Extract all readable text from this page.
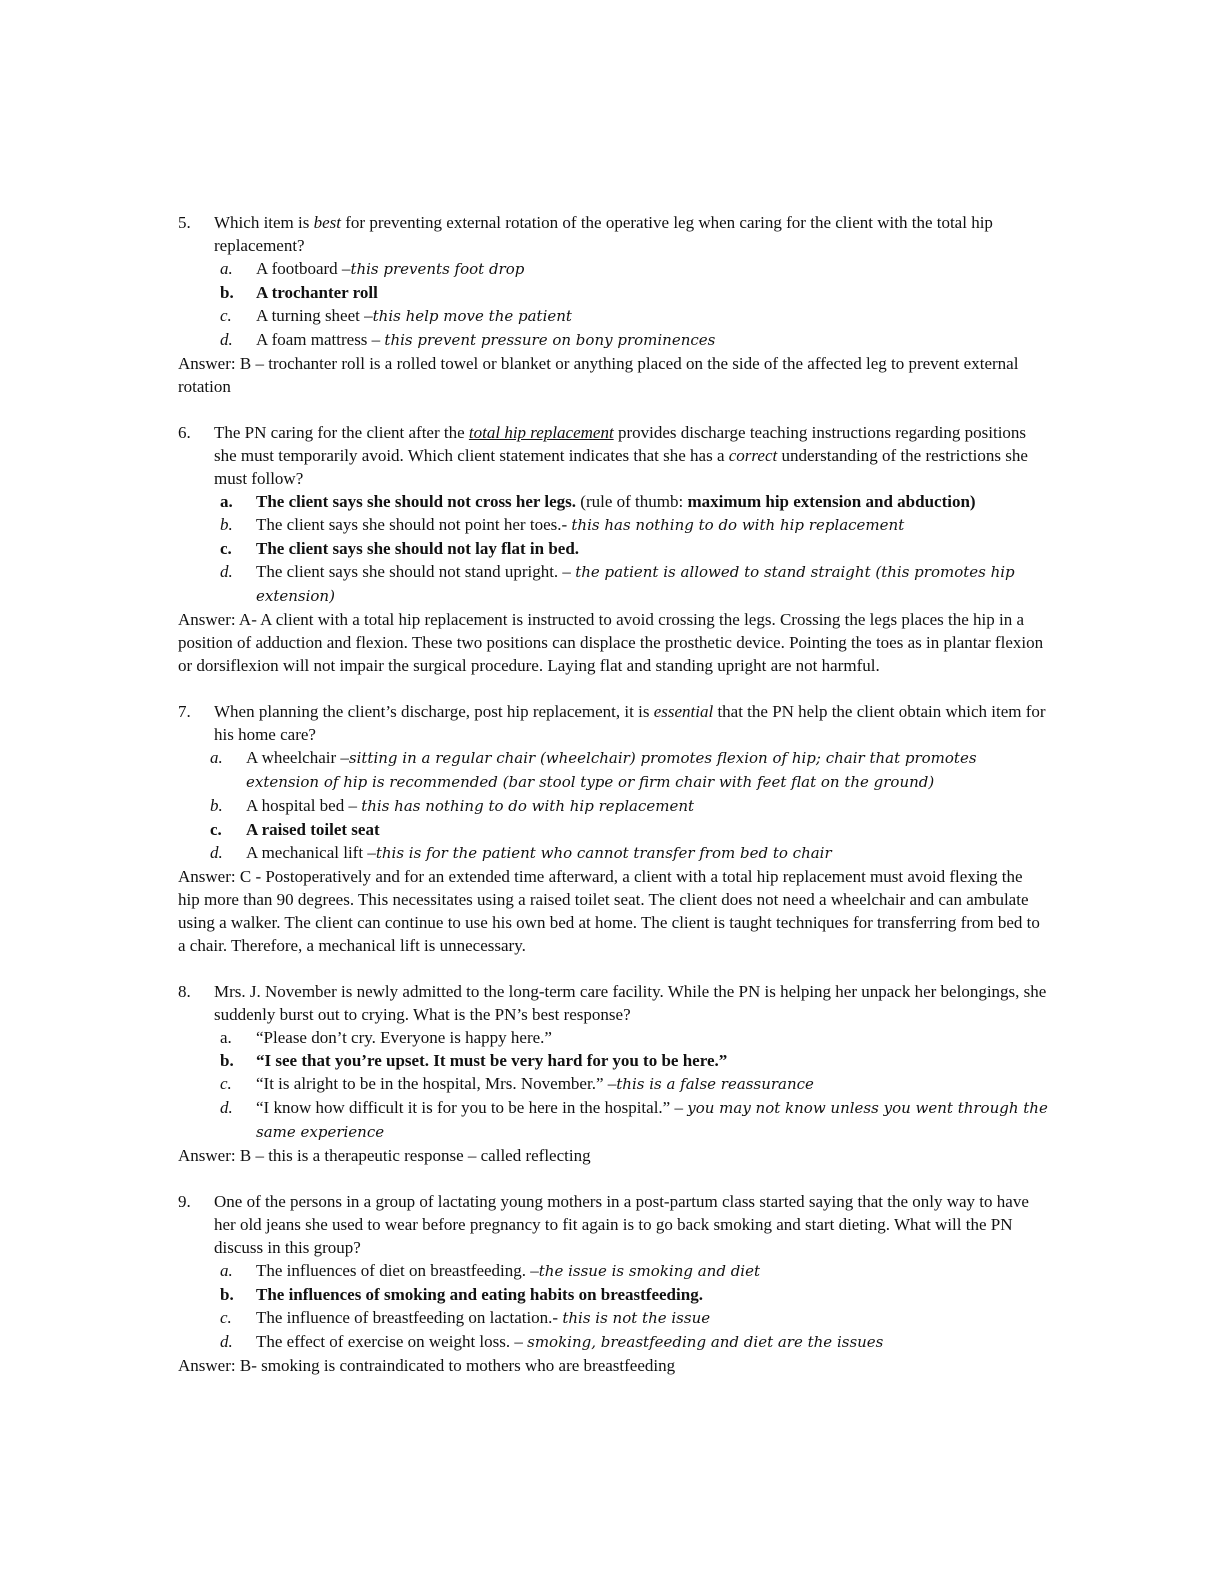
5.	Which item is best for preventing external rotation of the operative leg when caring for the client with the total hip replacement?
a.	A footboard –this prevents foot drop
b.	A trochanter roll
c.	A turning sheet –this help move the patient
d.	A foam mattress – this prevent pressure on bony prominences

Answer: B – trochanter roll is a rolled towel or blanket or anything placed on the side of the affected leg to prevent external rotation

6.	The PN caring for the client after the total hip replacement provides discharge teaching instructions regarding positions she must temporarily avoid. Which client statement indicates that she has a correct understanding of the restrictions she must follow?
a.	The client says she should not cross her legs. (rule of thumb: maximum hip extension and abduction)
b.	The client says she should not point her toes.- this has nothing to do with hip replacement
c.	The client says she should not lay flat in bed.
d.	The client says she should not stand upright. – the patient is allowed to stand straight (this promotes hip extension)

Answer: A- A client with a total hip replacement is instructed to avoid crossing the legs. Crossing the legs places the hip in a position of adduction and flexion. These two positions can displace the prosthetic device. Pointing the toes as in plantar flexion or dorsiflexion will not impair the surgical procedure. Laying flat and standing upright are not harmful.

7.	When planning the client’s discharge, post hip replacement, it is essential that the PN help the client obtain which item for his home care?
a.	A wheelchair –sitting in a regular chair (wheelchair) promotes flexion of hip; chair that promotes extension of hip is recommended (bar stool type or firm chair with feet flat on the ground)
b.	A hospital bed – this has nothing to do with hip replacement
c.	A raised toilet seat
d.	A mechanical lift –this is for the patient who cannot transfer from bed to chair

Answer: C - Postoperatively and for an extended time afterward, a client with a total hip replacement must avoid flexing the hip more than 90 degrees. This necessitates using a raised toilet seat. The client does not need a wheelchair and can ambulate using a walker. The client can continue to use his own bed at home. The client is taught techniques for transferring from bed to a chair. Therefore, a mechanical lift is unnecessary.

8.	Mrs. J. November is newly admitted to the long-term care facility. While the PN is helping her unpack her belongings, she suddenly burst out to crying. What is the PN’s best response?
a.	“Please don’t cry. Everyone is happy here.”
b.	“I see that you’re upset. It must be very hard for you to be here.”
c.	“It is alright to be in the hospital, Mrs. November.” –this is a false reassurance
d.	“I know how difficult it is for you to be here in the hospital.” – you may not know unless you went through the same experience

Answer: B – this is a therapeutic response – called reflecting

9.	One of the persons in a group of lactating young mothers in a post-partum class started saying that the only way to have her old jeans she used to wear before pregnancy to fit again is to go back smoking and start dieting. What will the PN discuss in this group?
a.	The influences of diet on breastfeeding. –the issue is smoking and diet
b.	The influences of smoking and eating habits on breastfeeding.
c.	The influence of breastfeeding on lactation.- this is not the issue
d.	The effect of exercise on weight loss. – smoking, breastfeeding and diet are the issues

Answer: B- smoking is contraindicated to mothers who are breastfeeding
